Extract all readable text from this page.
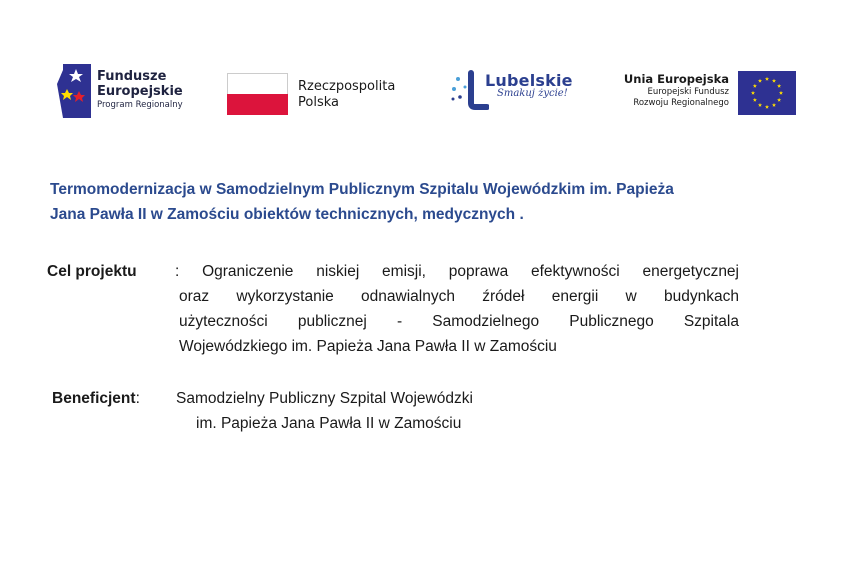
Fundusze
Europejskie
Program Regionalny
Rzeczpospolita
Polska
Lubelskie
Smakuj życie!
Unia Europejska
Europejski Fundusz
Rozwoju Regionalnego
Termomodernizacja w Samodzielnym Publicznym Szpitalu Wojewódzkim im. Papieża
Jana Pawła II w Zamościu obiektów technicznych, medycznych .
Cel projektu : Ograniczenie niskiej emisji, poprawa efektywności energetycznej
oraz wykorzystanie odnawialnych źródeł energii w budynkach
użyteczności publicznej - Samodzielnego Publicznego Szpitala
Wojewódzkiego im. Papieża Jana Pawła II w Zamościu
Beneficjent: Samodzielny Publiczny Szpital Wojewódzki
im. Papieża Jana Pawła II w Zamościu
